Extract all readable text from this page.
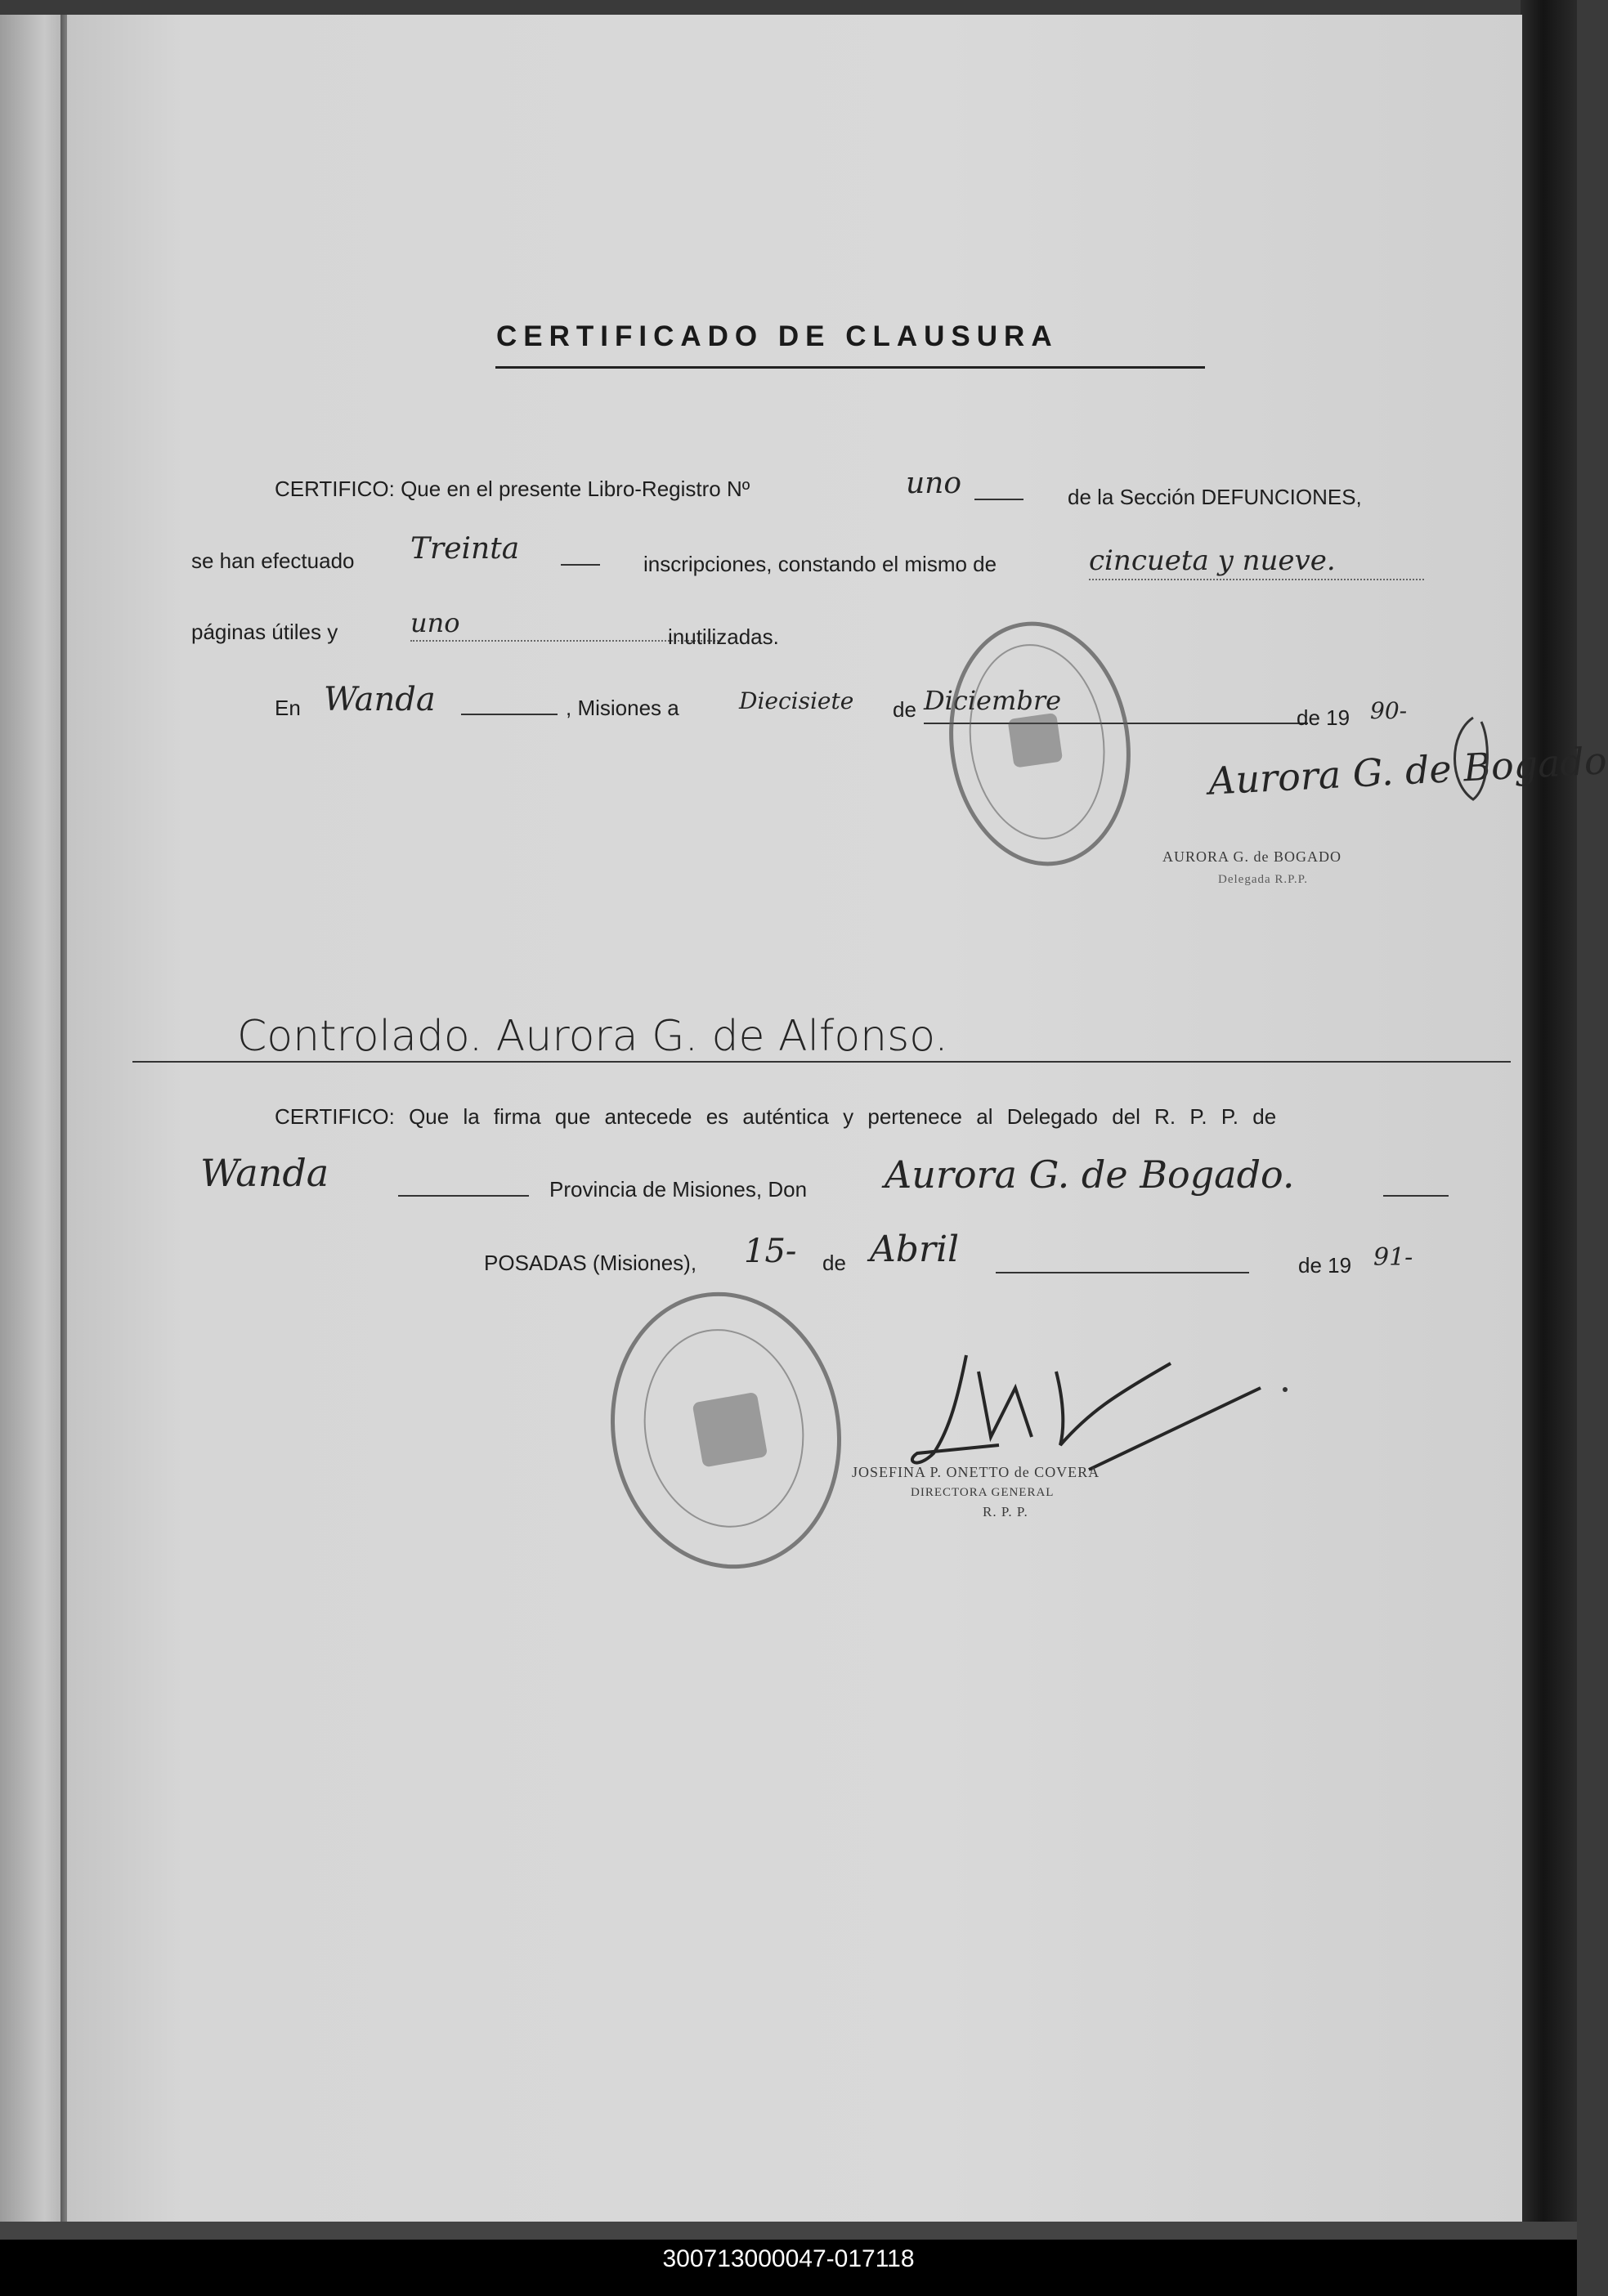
CERTIFICADO DE CLAUSURA
CERTIFICO: Que en el presente Libro-Registro Nº	uno	de la Sección DEFUNCIONES,
se han efectuado Treinta	inscripciones, constando el mismo de	cincueta y nueve.
páginas útiles y	uno	inutilizadas.
En Wanda	, Misiones a	Diecisiete de Diciembre
de 19 90-
Aurora G. de Bogado
AURORA G. de BOGADO
Delegada R.P.P.
Controlado. Aurora G. de Alfonso.
CERTIFICO: Que la firma que antecede es auténtica y pertenece al Delegado del R. P. P. de
Wanda	Provincia de Misiones, Don Aurora G. de Bogado.
POSADAS (Misiones), 15- de Abril	de 19 91-
JOSEFINA P. ONETTO de COVERA
DIRECTORA GENERAL
R. P. P.
300713000047-017118
